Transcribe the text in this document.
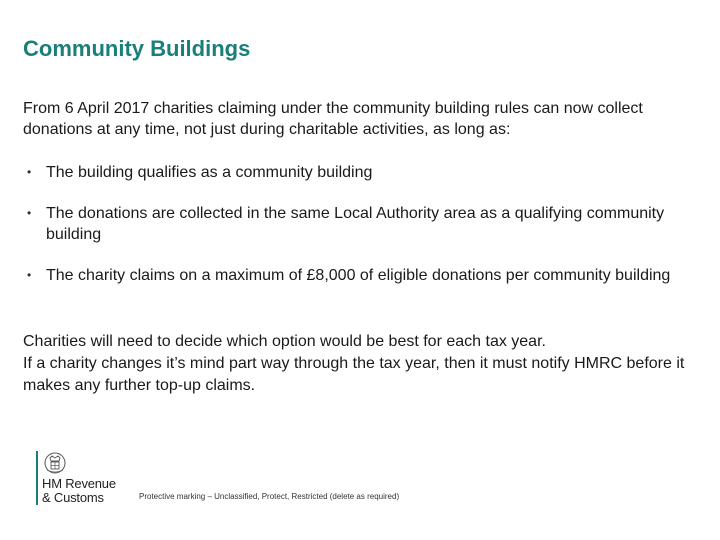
Community Buildings

From 6 April 2017 charities claiming under the community building rules can now collect donations at any time, not just during charitable activities, as long as:

• The building qualifies as a community building
• The donations are collected in the same Local Authority area as a qualifying community building
• The charity claims on a maximum of £8,000 of eligible donations per community building

Charities will need to decide which option would be best for each tax year.
If a charity changes it’s mind part way through the tax year, then it must notify HMRC before it makes any further top-up claims.

HM Revenue
& Customs	Protective marking – Unclassified, Protect, Restricted (delete as required)
